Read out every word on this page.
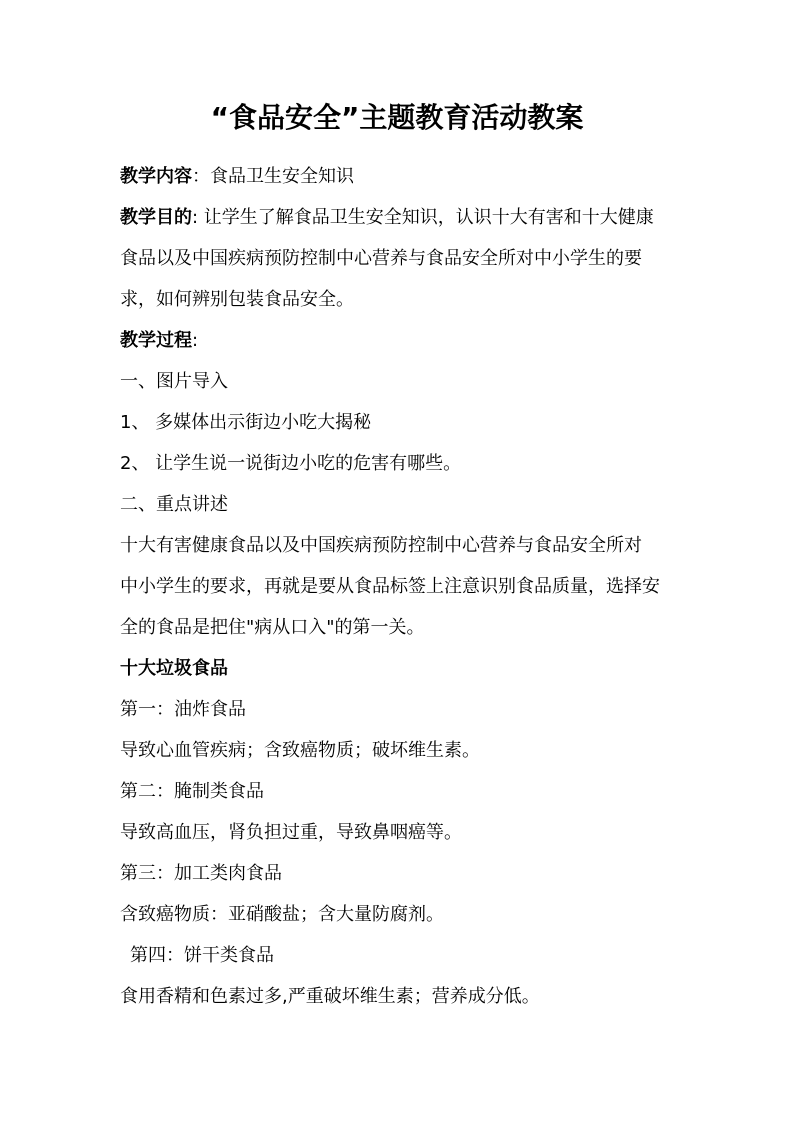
“食品安全”主题教育活动教案
教学内容：食品卫生安全知识
教学目的: 让学生了解食品卫生安全知识，认识十大有害和十大健康
食品以及中国疾病预防控制中心营养与食品安全所对中小学生的要
求，如何辨别包装食品安全。
教学过程:
一、图片导入
1、 多媒体出示街边小吃大揭秘
2、 让学生说一说街边小吃的危害有哪些。
二、重点讲述
十大有害健康食品以及中国疾病预防控制中心营养与食品安全所对
中小学生的要求，再就是要从食品标签上注意识别食品质量，选择安
全的食品是把住"病从口入"的第一关。
十大垃圾食品
第一：油炸食品
导致心血管疾病；含致癌物质；破坏维生素。
第二：腌制类食品
导致高血压，肾负担过重，导致鼻咽癌等。
第三：加工类肉食品
含致癌物质：亚硝酸盐；含大量防腐剂。
第四：饼干类食品
食用香精和色素过多,严重破坏维生素；营养成分低。
